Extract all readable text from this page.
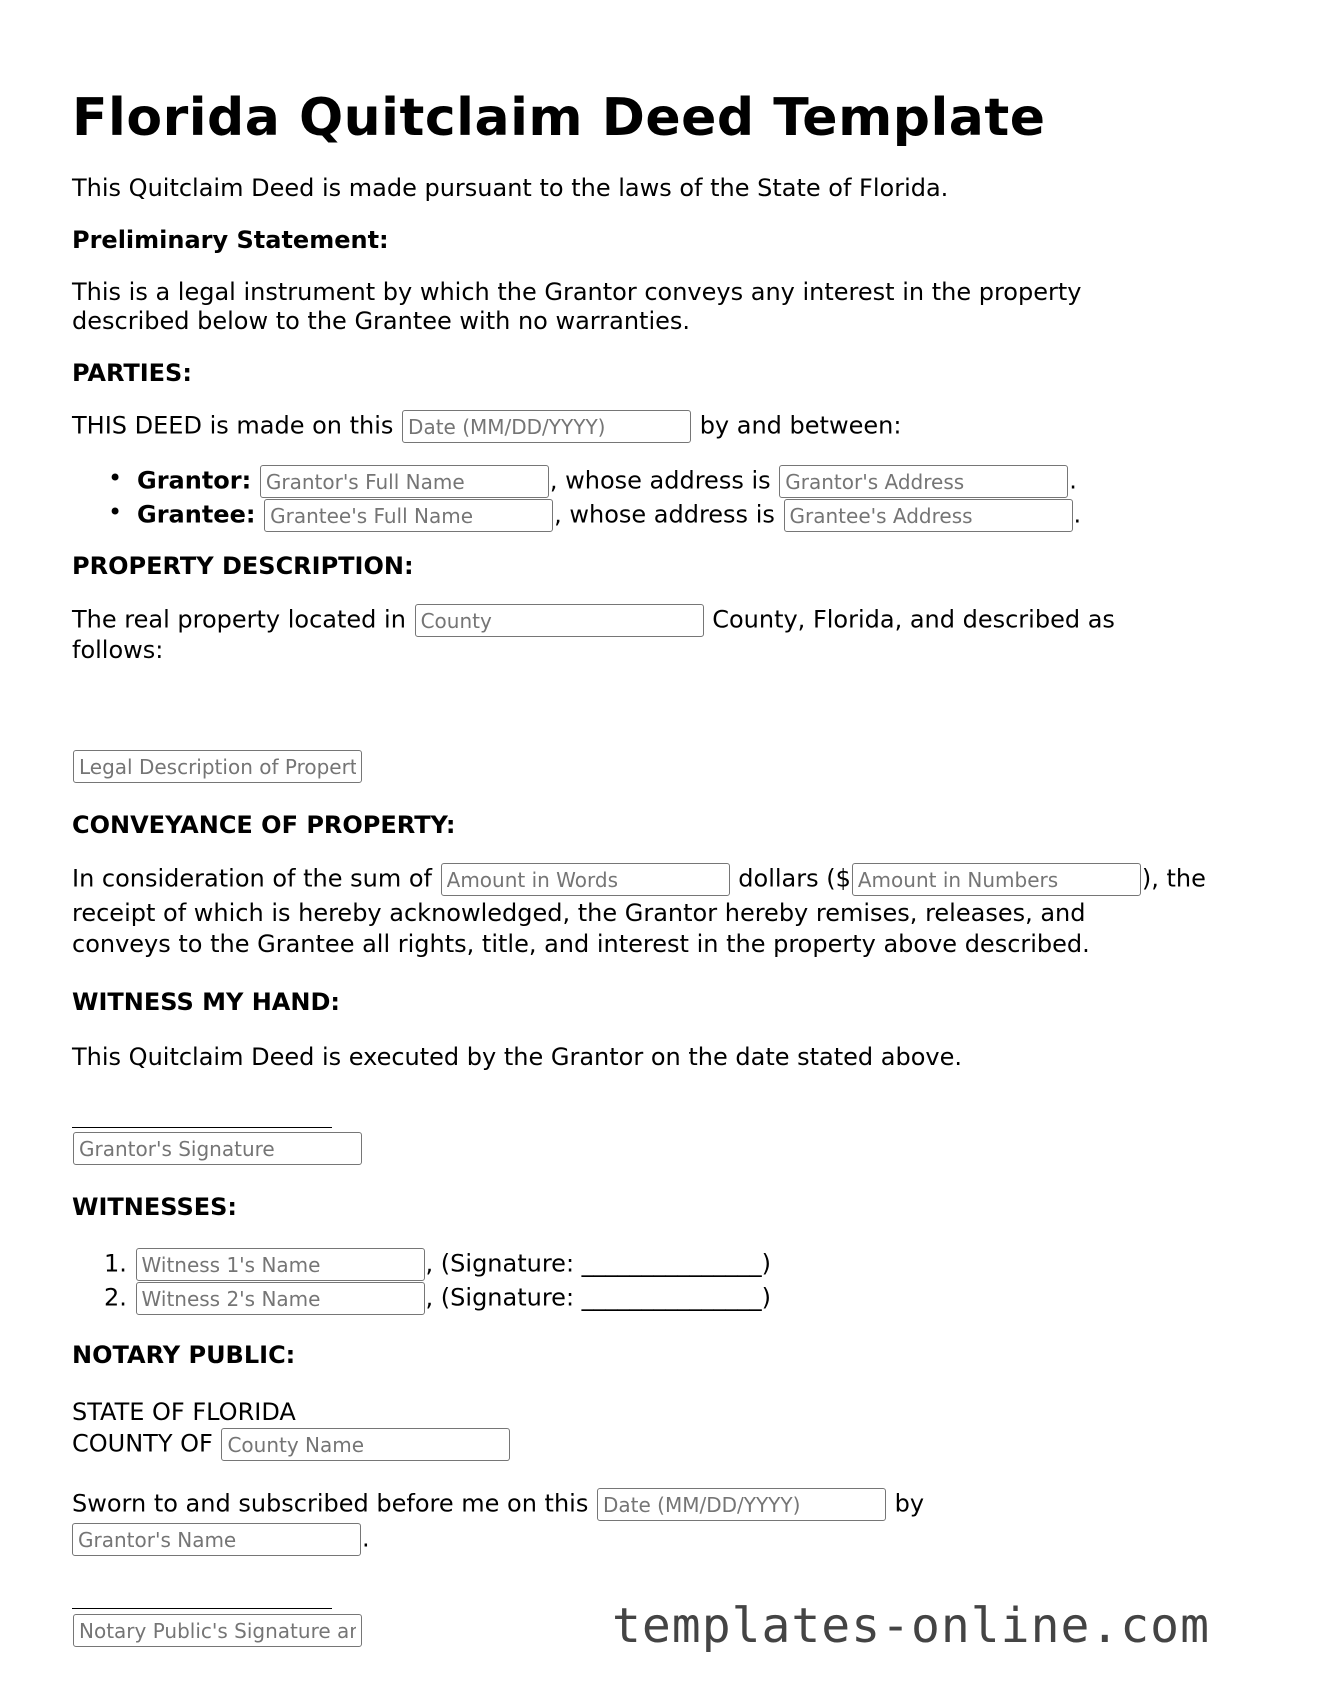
Florida Quitclaim Deed Template

This Quitclaim Deed is made pursuant to the laws of the State of Florida.

Preliminary Statement:

This is a legal instrument by which the Grantor conveys any interest in the property

described below to the Grantee with no warranties.

PARTIES:

THIS DEED is made on this Date (MM/DD/YYYY)	by and between:

• Grantor: Grantor's Full Name	, whose address is Grantor's Address	.

• Grantee: Grantee's Full Name	, whose address is Grantee's Address	.

PROPERTY DESCRIPTION:

The real property located in County	County, Florida, and described as

follows:

Legal Description of Property

CONVEYANCE OF PROPERTY:

In consideration of the sum of Amount in Words	dollars ($Amount in Numbers	), the

receipt of which is hereby acknowledged, the Grantor hereby remises, releases, and

conveys to the Grantee all rights, title, and interest in the property above described.

WITNESS MY HAND:

This Quitclaim Deed is executed by the Grantor on the date stated above.

Grantor's Signature

WITNESSES:

1. Witness 1's Name	, (Signature: _______________)

2. Witness 2's Name	, (Signature: _______________)

NOTARY PUBLIC:

STATE OF FLORIDA

COUNTY OF County Name

Sworn to and subscribed before me on this Date (MM/DD/YYYY)	by

Grantor's Name.

Notary Public's Signature and Seal
templates-online.com
